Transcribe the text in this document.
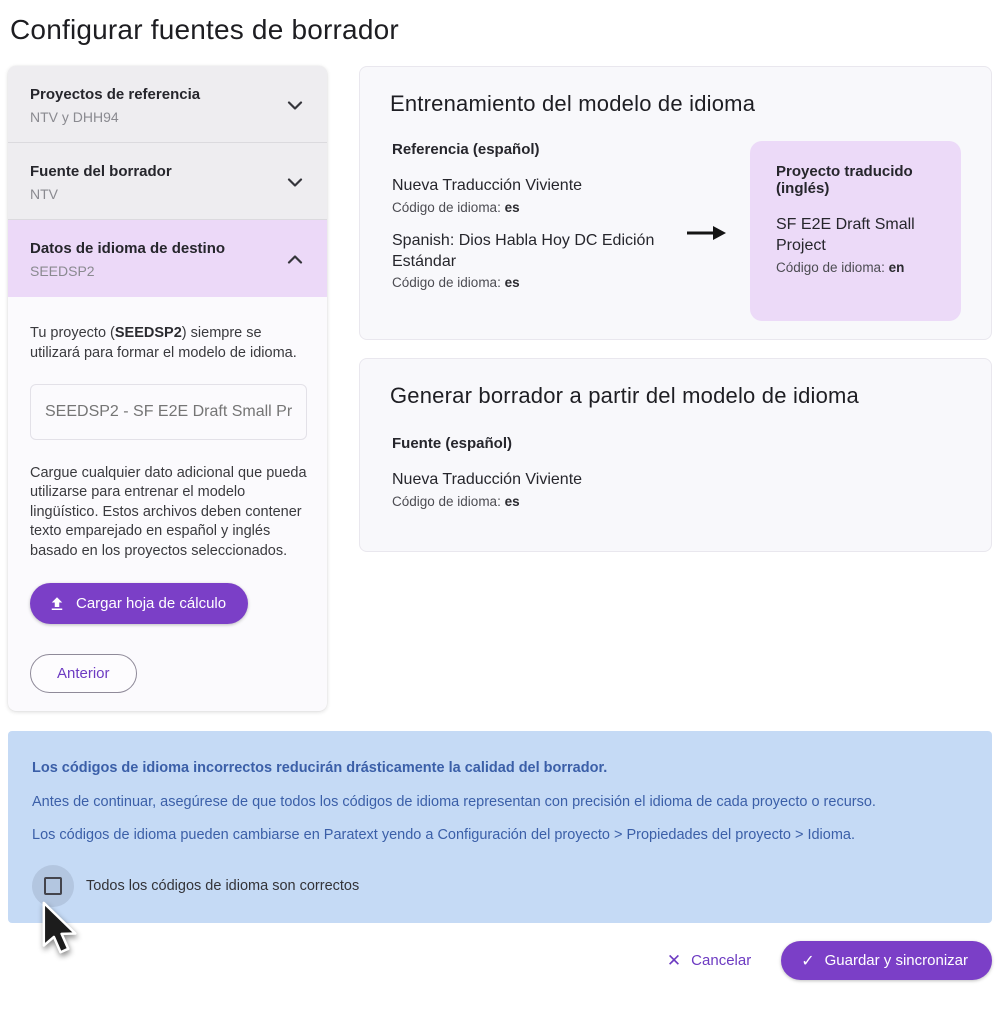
Configurar fuentes de borrador
Proyectos de referencia
NTV y DHH94
Fuente del borrador
NTV
Datos de idioma de destino
SEEDSP2

Tu proyecto (SEEDSP2) siempre se utilizará para formar el modelo de idioma.

SEEDSP2 - SF E2E Draft Small Project

Cargue cualquier dato adicional que pueda utilizarse para entrenar el modelo lingüístico. Estos archivos deben contener texto emparejado en español y inglés basado en los proyectos seleccionados.

Cargar hoja de cálculo
Anterior
Entrenamiento del modelo de idioma
Referencia (español)
Nueva Traducción Viviente
Código de idioma: es
Spanish: Dios Habla Hoy DC Edición Estándar
Código de idioma: es
Proyecto traducido (inglés)
SF E2E Draft Small Project
Código de idioma: en
Generar borrador a partir del modelo de idioma
Fuente (español)
Nueva Traducción Viviente
Código de idioma: es

Los códigos de idioma incorrectos reducirán drásticamente la calidad del borrador.

Antes de continuar, asegúrese de que todos los códigos de idioma representan con precisión el idioma de cada proyecto o recurso.

Los códigos de idioma pueden cambiarse en Paratext yendo a Configuración del proyecto > Propiedades del proyecto > Idioma.

Todos los códigos de idioma son correctos
✕ Cancelar	✓ Guardar y sincronizar
